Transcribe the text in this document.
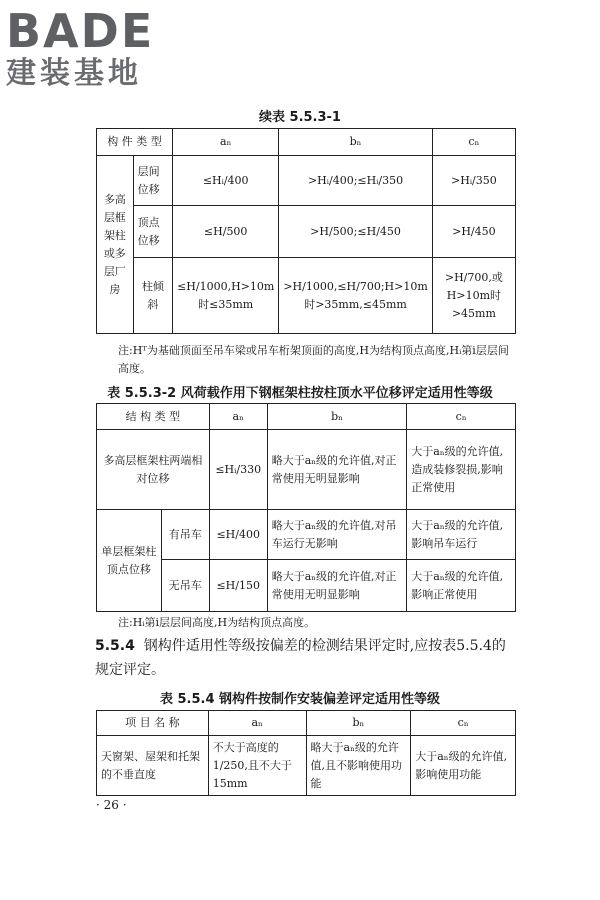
BADE
建装基地
续表 5.5.3-1
构 件 类 型		aₙ	bₙ	cₙ
多高层框架柱或多层厂房	层间位移	≤Hᵢ/400	>Hᵢ/400;≤Hᵢ/350	>Hᵢ/350
	顶点位移	≤H/500	>H/500;≤H/450	>H/450
	柱倾斜	≤H/1000,H>10m时≤35mm	>H/1000,≤H/700;H>10m时>35mm,≤45mm	>H/700,或H>10m时>45mm
注:Hᵀ为基础顶面至吊车梁或吊车桁架顶面的高度,H为结构顶点高度,Hᵢ第i层层间高度。
表 5.5.3-2 风荷载作用下钢框架柱按柱顶水平位移评定适用性等级
结 构 类 型		aₙ	bₙ	cₙ
多高层框架柱两端相对位移		≤Hᵢ/330	略大于aₙ级的允许值,对正常使用无明显影响	大于aₙ级的允许值,造成装修裂损,影响正常使用
单层框架柱顶点位移	有吊车	≤H/400	略大于aₙ级的允许值,对吊车运行无影响	大于aₙ级的允许值,影响吊车运行
	无吊车	≤H/150	略大于aₙ级的允许值,对正常使用无明显影响	大于aₙ级的允许值,影响正常使用
注:Hᵢ第i层层间高度,H为结构顶点高度。
5.5.4 钢构件适用性等级按偏差的检测结果评定时,应按表5.5.4的规定评定。
表 5.5.4 钢构件按制作安装偏差评定适用性等级
项 目 名 称	aₙ	bₙ	cₙ
天窗架、屋架和托架的不垂直度	不大于高度的1/250,且不大于15mm	略大于aₙ级的允许值,且不影响使用功能	大于aₙ级的允许值,影响使用功能
· 26 ·
